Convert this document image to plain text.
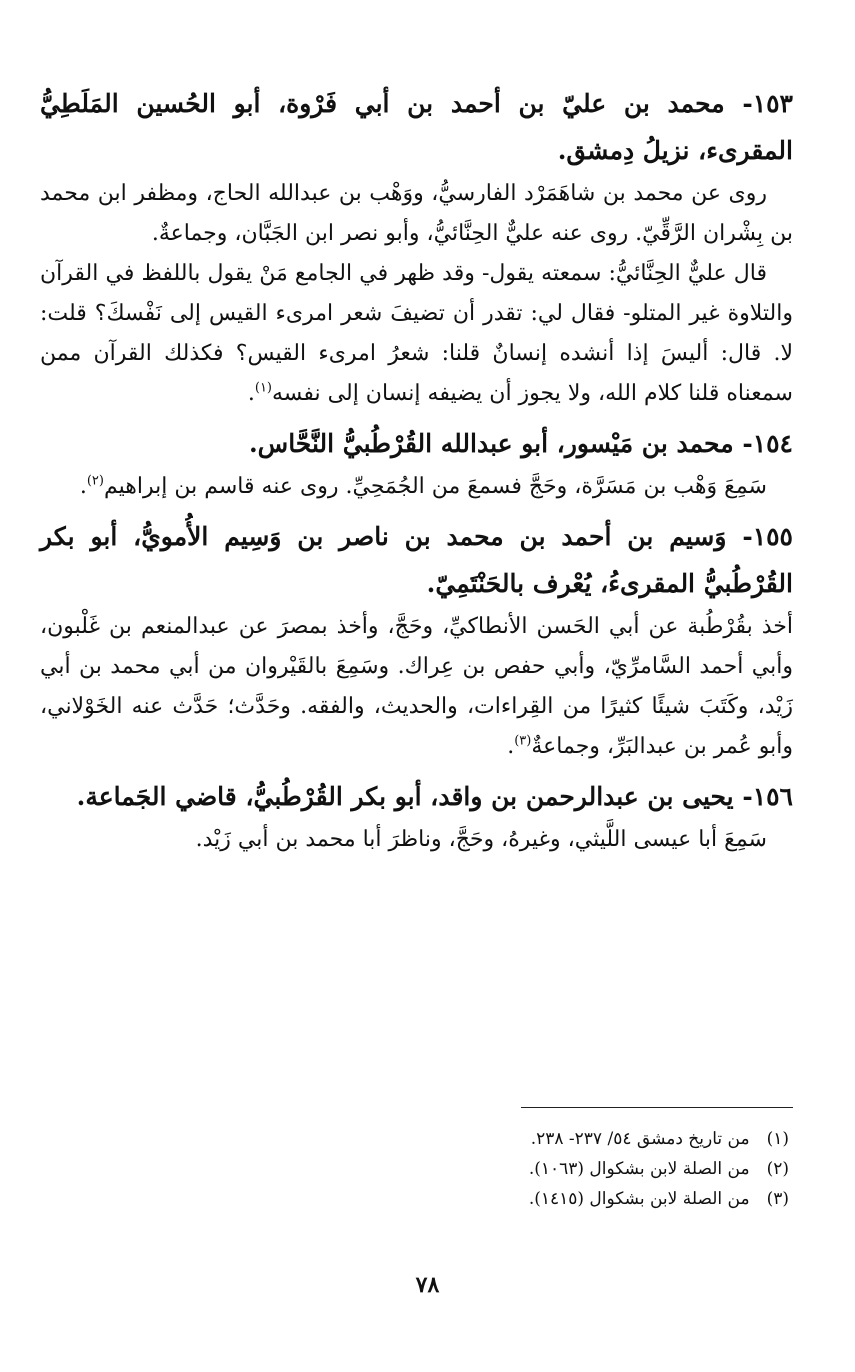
١٥٣- محمد بن عليّ بن أحمد بن أبي فَرْوة، أبو الحُسين المَلَطِيُّ المقرىء، نزيلُ دِمشق.

روى عن محمد بن شاهَمَرْد الفارسيُّ، ووَهْب بن عبدالله الحاج، ومظفر ابن محمد بن بِشْران الرَّقِّيّ. روى عنه عليٌّ الحِنَّائيُّ، وأبو نصر ابن الجَبَّان، وجماعةٌ.

قال عليٌّ الحِنَّائيُّ: سمعته يقول- وقد ظهر في الجامع مَنْ يقول باللفظ في القرآن والتلاوة غير المتلو- فقال لي: تقدر أن تضيفَ شعر امرىء القيس إلى نَفْسكَ؟ قلت: لا. قال: أليسَ إذا أنشده إنسانٌ قلنا: شعرُ امرىء القيس؟ فكذلك القرآن ممن سمعناه قلنا كلام الله، ولا يجوز أن يضيفه إنسان إلى نفسه$^{(١)}$.

١٥٤- محمد بن مَيْسور، أبو عبدالله القُرْطُبيُّ النَّحَّاس.

سَمِعَ وَهْب بن مَسَرَّة، وحَجَّ فسمعَ من الجُمَحِيِّ. روى عنه قاسم بن إبراهيم$^{(٢)}$.

١٥٥- وَسيم بن أحمد بن محمد بن ناصر بن وَسِيم الأُمويُّ، أبو بكر القُرْطُبيُّ المقرىءُ، يُعْرف بالحَنْتَمِيّ.

أخذ بقُرْطُبة عن أبي الحَسن الأنطاكيِّ، وحَجَّ، وأخذ بمصرَ عن عبدالمنعم بن غَلْبون، وأبي أحمد السَّامرِّيّ، وأبي حفص بن عِراك. وسَمِعَ بالقَيْروان من أبي محمد بن أبي زَيْد، وكَتَبَ شيئًا كثيرًا من القِراءات، والحديث، والفقه. وحَدَّث؛ حَدَّث عنه الخَوْلاني، وأبو عُمر بن عبدالبَرِّ، وجماعةٌ$^{(٣)}$.

١٥٦- يحيى بن عبدالرحمن بن واقد، أبو بكر القُرْطُبيُّ، قاضي الجَماعة.

سَمِعَ أبا عيسى اللَّيثي، وغيرهُ، وحَجَّ، وناظرَ أبا محمد بن أبي زَيْد.

(١) من تاريخ دمشق ٥٤/ ٢٣٧- ٢٣٨.

(٢) من الصلة لابن بشكوال (١٠٦٣).

(٣) من الصلة لابن بشكوال (١٤١٥).

٧٨
